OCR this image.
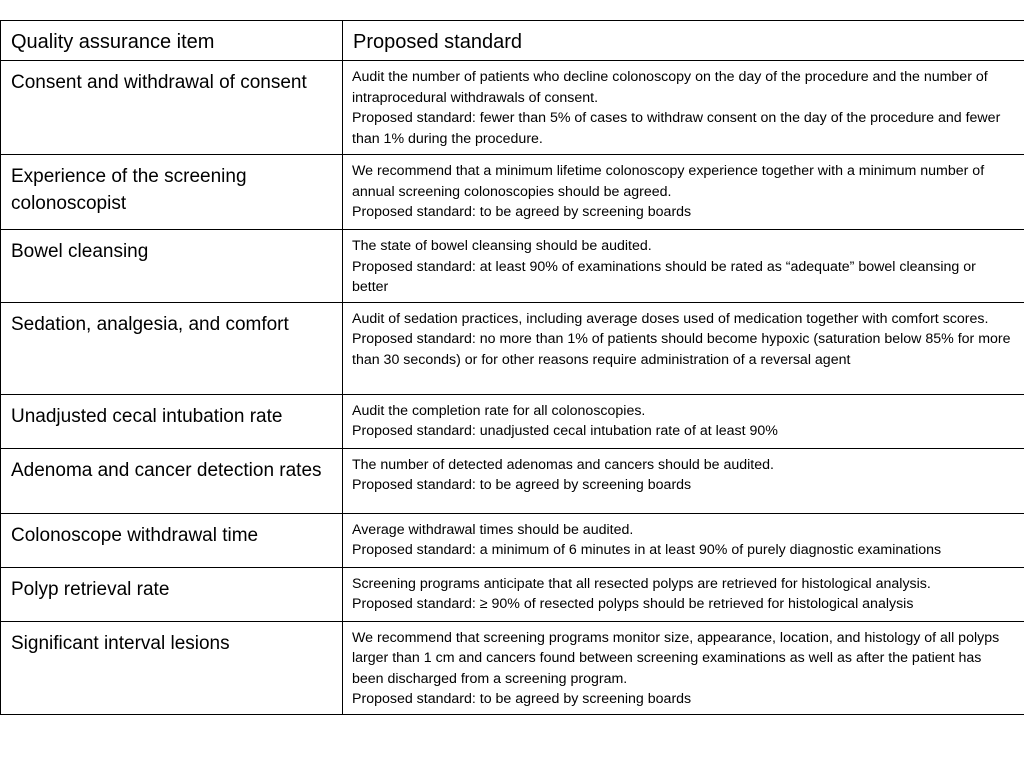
Quality assurance item	Proposed standard
Consent and withdrawal of consent	Audit the number of patients who decline colonoscopy on the day of the procedure and the number of intraprocedural withdrawals of consent.
Proposed standard: fewer than 5% of cases to withdraw consent on the day of the procedure and fewer than 1% during the procedure.

Experience of the screening colonoscopist	We recommend that a minimum lifetime colonoscopy experience together with a minimum number of annual screening colonoscopies should be agreed.
Proposed standard: to be agreed by screening boards

Bowel cleansing	The state of bowel cleansing should be audited.
Proposed standard: at least 90% of examinations should be rated as “adequate” bowel cleansing or better

Sedation, analgesia, and comfort	Audit of sedation practices, including average doses used of medication together with comfort scores.
Proposed standard: no more than 1% of patients should become hypoxic (saturation below 85% for more than 30 seconds) or for other reasons require administration of a reversal agent

Unadjusted cecal intubation rate	Audit the completion rate for all colonoscopies.
Proposed standard: unadjusted cecal intubation rate of at least 90%

Adenoma and cancer detection rates	The number of detected adenomas and cancers should be audited.
Proposed standard: to be agreed by screening boards

Colonoscope withdrawal time	Average withdrawal times should be audited.
Proposed standard: a minimum of 6 minutes in at least 90% of purely diagnostic examinations

Polyp retrieval rate	Screening programs anticipate that all resected polyps are retrieved for histological analysis.
Proposed standard: ≥ 90% of resected polyps should be retrieved for histological analysis

Significant interval lesions	We recommend that screening programs monitor size, appearance, location, and histology of all polyps larger than 1 cm and cancers found between screening examinations as well as after the patient has been discharged from a screening program.
Proposed standard: to be agreed by screening boards
